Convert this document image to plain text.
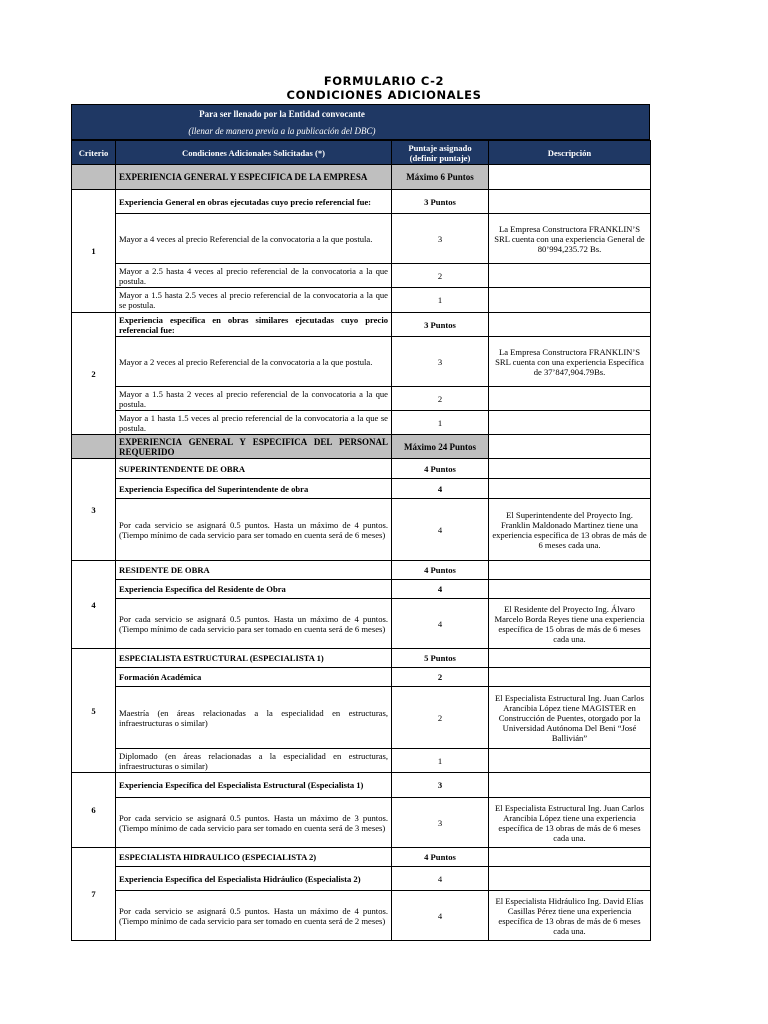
FORMULARIO C-2
CONDICIONES ADICIONALES
Para ser llenado por la Entidad convocante
(llenar de manera previa a la publicación del DBC)
Criterio	Condiciones Adicionales Solicitadas (*)	Puntaje asignado (definir puntaje)	Descripción
	EXPERIENCIA GENERAL Y ESPECIFICA DE LA EMPRESA	Máximo 6 Puntos	
1	Experiencia General en obras ejecutadas cuyo precio referencial fue:	3 Puntos	
	Mayor a 4 veces al precio Referencial de la convocatoria a la que postula.	3	La Empresa Constructora FRANKLIN’S SRL cuenta con una experiencia General de 80’994,235.72 Bs.
	Mayor a 2.5 hasta 4 veces al precio referencial de la convocatoria a la que postula.	2	
	Mayor a 1.5 hasta 2.5 veces al precio referencial de la convocatoria a la que se postula.	1	
2	Experiencia específica en obras similares ejecutadas cuyo precio referencial fue:	3 Puntos	
	Mayor a 2 veces al precio Referencial de la convocatoria a la que postula.	3	La Empresa Constructora FRANKLIN’S SRL cuenta con una experiencia Específica de 37’847,904.79Bs.
	Mayor a 1.5 hasta 2 veces al precio referencial de la convocatoria a la que postula.	2	
	Mayor a 1 hasta 1.5 veces al precio referencial de la convocatoria a la que se postula.	1	
	EXPERIENCIA GENERAL Y ESPECIFICA DEL PERSONAL REQUERIDO	Máximo 24 Puntos	
3	SUPERINTENDENTE DE OBRA	4 Puntos	
	Experiencia Específica del Superintendente de obra	4	
	Por cada servicio se asignará 0.5 puntos. Hasta un máximo de 4 puntos. (Tiempo mínimo de cada servicio para ser tomado en cuenta será de 6 meses)	4	El Superintendente del Proyecto Ing. Franklin Maldonado Martinez tiene una experiencia específica de 13 obras de más de 6 meses cada una.
4	RESIDENTE DE OBRA	4 Puntos	
	Experiencia Específica del Residente de Obra	4	
	Por cada servicio se asignará 0.5 puntos. Hasta un máximo de 4 puntos. (Tiempo mínimo de cada servicio para ser tomado en cuenta será de 6 meses)	4	El Residente del Proyecto Ing. Álvaro Marcelo Borda Reyes tiene una experiencia específica de 15 obras de más de 6 meses cada una.
5	ESPECIALISTA ESTRUCTURAL (ESPECIALISTA 1)	5 Puntos	
	Formación Académica	2	
	Maestría (en áreas relacionadas a la especialidad en estructuras, infraestructuras o similar)	2	El Especialista Estructural Ing. Juan Carlos Arancibia López tiene MAGISTER en Construcción de Puentes, otorgado por la Universidad Autónoma Del Beni “José Ballivián”
	Diplomado (en áreas relacionadas a la especialidad en estructuras, infraestructuras o similar)	1	
6	Experiencia Específica del Especialista Estructural (Especialista 1)	3	
	Por cada servicio se asignará 0.5 puntos. Hasta un máximo de 3 puntos. (Tiempo mínimo de cada servicio para ser tomado en cuenta será de 3 meses)	3	El Especialista Estructural Ing. Juan Carlos Arancibia López tiene una experiencia específica de 13 obras de más de 6 meses cada una.
7	ESPECIALISTA HIDRAULICO (ESPECIALISTA 2)	4 Puntos	
	Experiencia Específica del Especialista Hidráulico (Especialista 2)	4	
	Por cada servicio se asignará 0.5 puntos. Hasta un máximo de 4 puntos. (Tiempo mínimo de cada servicio para ser tomado en cuenta será de 2 meses)	4	El Especialista Hidráulico Ing. David Elías Casillas Pérez tiene una experiencia específica de 13 obras de más de 6 meses cada una.
